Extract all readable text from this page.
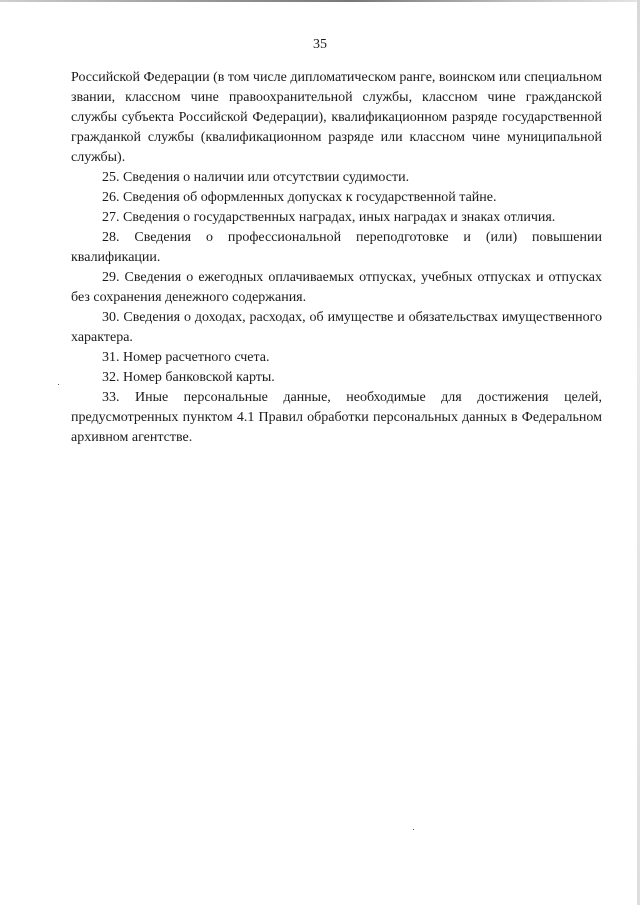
35

Российской Федерации (в том числе дипломатическом ранге, воинском или специальном звании, классном чине правоохранительной службы, классном чине гражданской службы субъекта Российской Федерации), квалификационном разряде государственной гражданкой службы (квалификационном разряде или классном чине муниципальной службы).

25. Сведения о наличии или отсутствии судимости.

26. Сведения об оформленных допусках к государственной тайне.

27. Сведения о государственных наградах, иных наградах и знаках отличия.

28. Сведения о профессиональной переподготовке и (или) повышении квалификации.

29. Сведения о ежегодных оплачиваемых отпусках, учебных отпусках и отпусках без сохранения денежного содержания.

30. Сведения о доходах, расходах, об имуществе и обязательствах имущественного характера.

31. Номер расчетного счета.

32. Номер банковской карты.

33. Иные персональные данные, необходимые для достижения целей, предусмотренных пунктом 4.1 Правил обработки персональных данных в Федеральном архивном агентстве.
